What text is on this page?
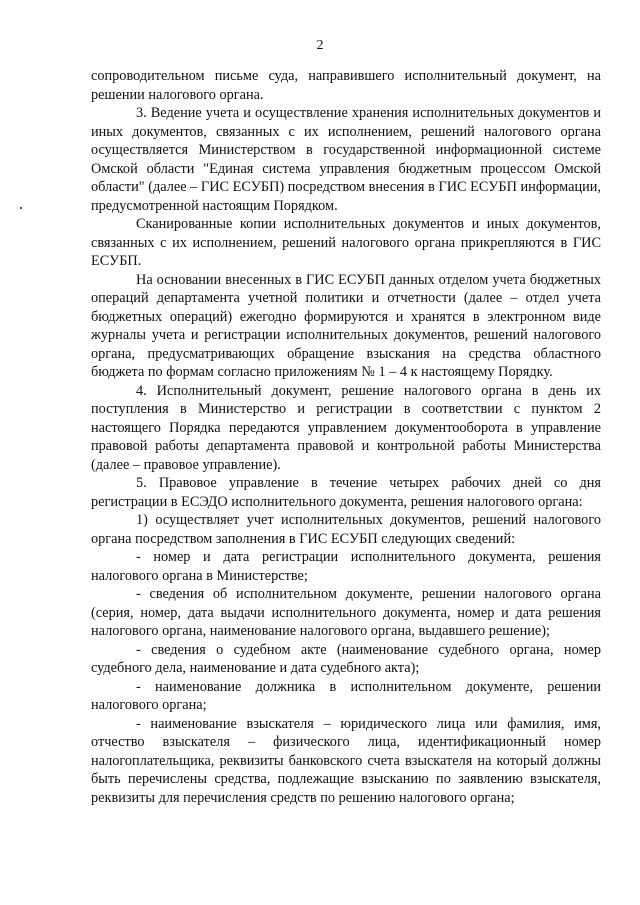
2

сопроводительном письме суда, направившего исполнительный документ, на решении налогового органа.

3. Ведение учета и осуществление хранения исполнительных документов и иных документов, связанных с их исполнением, решений налогового органа осуществляется Министерством в государственной информационной системе Омской области "Единая система управления бюджетным процессом Омской области" (далее – ГИС ЕСУБП) посредством внесения в ГИС ЕСУБП информации, предусмотренной настоящим Порядком.

Сканированные копии исполнительных документов и иных документов, связанных с их исполнением, решений налогового органа прикрепляются в ГИС ЕСУБП.

На основании внесенных в ГИС ЕСУБП данных отделом учета бюджетных операций департамента учетной политики и отчетности (далее – отдел учета бюджетных операций) ежегодно формируются и хранятся в электронном виде журналы учета и регистрации исполнительных документов, решений налогового органа, предусматривающих обращение взыскания на средства областного бюджета по формам согласно приложениям № 1 – 4 к настоящему Порядку.

4. Исполнительный документ, решение налогового органа в день их поступления в Министерство и регистрации в соответствии с пунктом 2 настоящего Порядка передаются управлением документооборота в управление правовой работы департамента правовой и контрольной работы Министерства (далее – правовое управление).

5. Правовое управление в течение четырех рабочих дней со дня регистрации в ЕСЭДО исполнительного документа, решения налогового органа:

1) осуществляет учет исполнительных документов, решений налогового органа посредством заполнения в ГИС ЕСУБП следующих сведений:

- номер и дата регистрации исполнительного документа, решения налогового органа в Министерстве;

- сведения об исполнительном документе, решении налогового органа (серия, номер, дата выдачи исполнительного документа, номер и дата решения налогового органа, наименование налогового органа, выдавшего решение);

- сведения о судебном акте (наименование судебного органа, номер судебного дела, наименование и дата судебного акта);

- наименование должника в исполнительном документе, решении налогового органа;

- наименование взыскателя – юридического лица или фамилия, имя, отчество взыскателя – физического лица, идентификационный номер налогоплательщика, реквизиты банковского счета взыскателя на который должны быть перечислены средства, подлежащие взысканию по заявлению взыскателя, реквизиты для перечисления средств по решению налогового органа;
